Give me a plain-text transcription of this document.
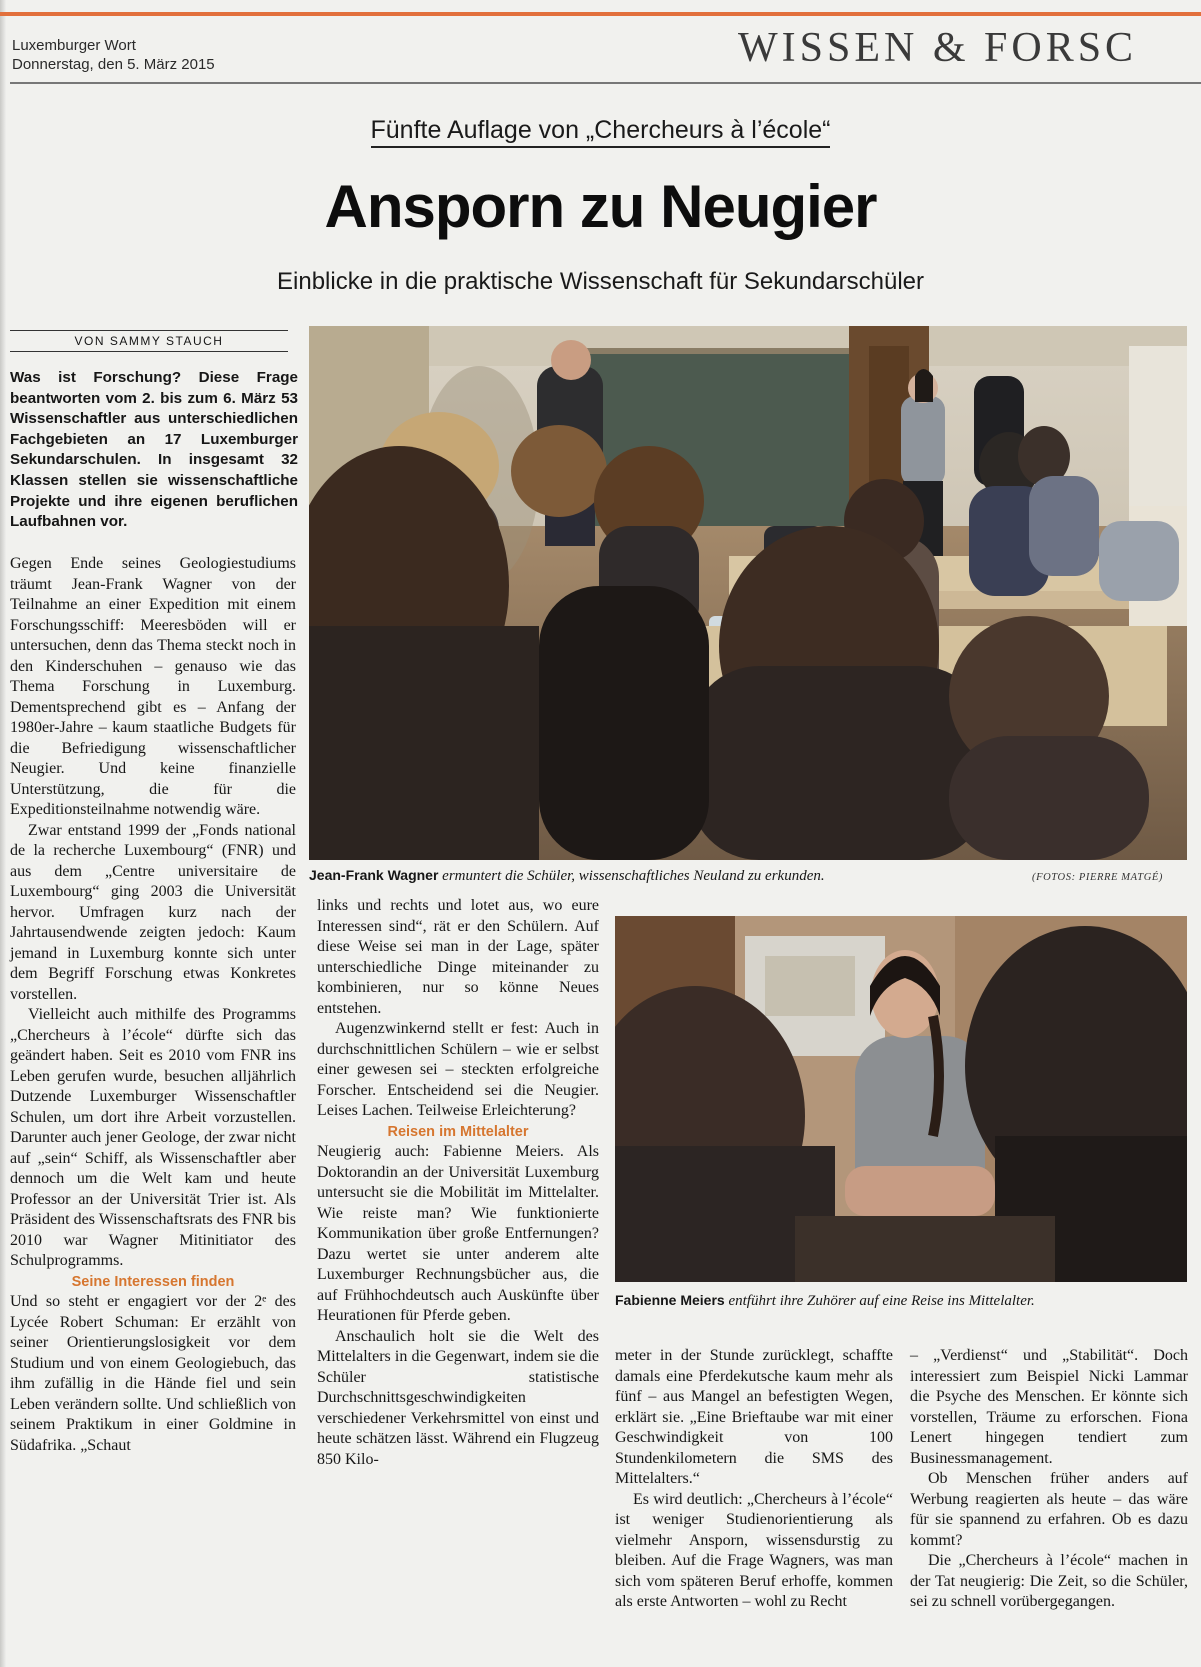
Luxemburger Wort
Donnerstag, den 5. März 2015	WISSEN & FORSC
Fünfte Auflage von „Chercheurs à l’école“
Ansporn zu Neugier
Einblicke in die praktische Wissenschaft für Sekundarschüler
VON SAMMY STAUCH
Was ist Forschung? Diese Frage beantworten vom 2. bis zum 6. März 53 Wissenschaftler aus unterschiedlichen Fachgebieten an 17 Luxemburger Sekundarschulen. In insgesamt 32 Klassen stellen sie wissenschaftliche Projekte und ihre eigenen beruflichen Laufbahnen vor.
Jean-Frank Wagner ermuntert die Schüler, wissenschaftliches Neuland zu erkunden.	(FOTOS: PIERRE MATGÉ)
Fabienne Meiers entführt ihre Zuhörer auf eine Reise ins Mittelalter.

Gegen Ende seines Geologiestudiums träumt Jean-Frank Wagner von der Teilnahme an einer Expedition mit einem Forschungsschiff: Meeresböden will er untersuchen, denn das Thema steckt noch in den Kinderschuhen – genauso wie das Thema Forschung in Luxemburg. Dementsprechend gibt es – Anfang der 1980er-Jahre – kaum staatliche Budgets für die Befriedigung wissenschaftlicher Neugier. Und keine finanzielle Unterstützung, die für die Expeditionsteilnahme notwendig wäre.

Zwar entstand 1999 der „Fonds national de la recherche Luxembourg“ (FNR) und aus dem „Centre universitaire de Luxembourg“ ging 2003 die Universität hervor. Umfragen kurz nach der Jahrtausendwende zeigten jedoch: Kaum jemand in Luxemburg konnte sich unter dem Begriff Forschung etwas Konkretes vorstellen.

Vielleicht auch mithilfe des Programms „Chercheurs à l’école“ dürfte sich das geändert haben. Seit es 2010 vom FNR ins Leben gerufen wurde, besuchen alljährlich Dutzende Luxemburger Wissenschaftler Schulen, um dort ihre Arbeit vorzustellen. Darunter auch jener Geologe, der zwar nicht auf „sein“ Schiff, als Wissenschaftler aber dennoch um die Welt kam und heute Professor an der Universität Trier ist. Als Präsident des Wissenschaftsrats des FNR bis 2010 war Wagner Mitinitiator des Schulprogramms.

Seine Interessen finden

Und so steht er engagiert vor der 2ᵉ des Lycée Robert Schuman: Er erzählt von seiner Orientierungslosigkeit vor dem Studium und von einem Geologiebuch, das ihm zufällig in die Hände fiel und sein Leben verändern sollte. Und schließlich von seinem Praktikum in einer Goldmine in Südafrika. „Schaut

links und rechts und lotet aus, wo eure Interessen sind“, rät er den Schülern. Auf diese Weise sei man in der Lage, später unterschiedliche Dinge miteinander zu kombinieren, nur so könne Neues entstehen.

Augenzwinkernd stellt er fest: Auch in durchschnittlichen Schülern – wie er selbst einer gewesen sei – steckten erfolgreiche Forscher. Entscheidend sei die Neugier. Leises Lachen. Teilweise Erleichterung?

Reisen im Mittelalter

Neugierig auch: Fabienne Meiers. Als Doktorandin an der Universität Luxemburg untersucht sie die Mobilität im Mittelalter. Wie reiste man? Wie funktionierte Kommunikation über große Entfernungen? Dazu wertet sie unter anderem alte Luxemburger Rechnungsbücher aus, die auf Frühhochdeutsch auch Auskünfte über Heurationen für Pferde geben.

Anschaulich holt sie die Welt des Mittelalters in die Gegenwart, indem sie die Schüler statistische Durchschnittsgeschwindigkeiten verschiedener Verkehrsmittel von einst und heute schätzen lässt. Während ein Flugzeug 850 Kilo-

meter in der Stunde zurücklegt, schaffte damals eine Pferdekutsche kaum mehr als fünf – aus Mangel an befestigten Wegen, erklärt sie. „Eine Brieftaube war mit einer Geschwindigkeit von 100 Stundenkilometern die SMS des Mittelalters.“

Es wird deutlich: „Chercheurs à l’école“ ist weniger Studienorientierung als vielmehr Ansporn, wissensdurstig zu bleiben. Auf die Frage Wagners, was man sich vom späteren Beruf erhoffe, kommen als erste Antworten – wohl zu Recht

– „Verdienst“ und „Stabilität“. Doch interessiert zum Beispiel Nicki Lammar die Psyche des Menschen. Er könnte sich vorstellen, Träume zu erforschen. Fiona Lenert hingegen tendiert zum Businessmanagement.

Ob Menschen früher anders auf Werbung reagierten als heute – das wäre für sie spannend zu erfahren. Ob es dazu kommt?

Die „Chercheurs à l’école“ machen in der Tat neugierig: Die Zeit, so die Schüler, sei zu schnell vorübergegangen.
